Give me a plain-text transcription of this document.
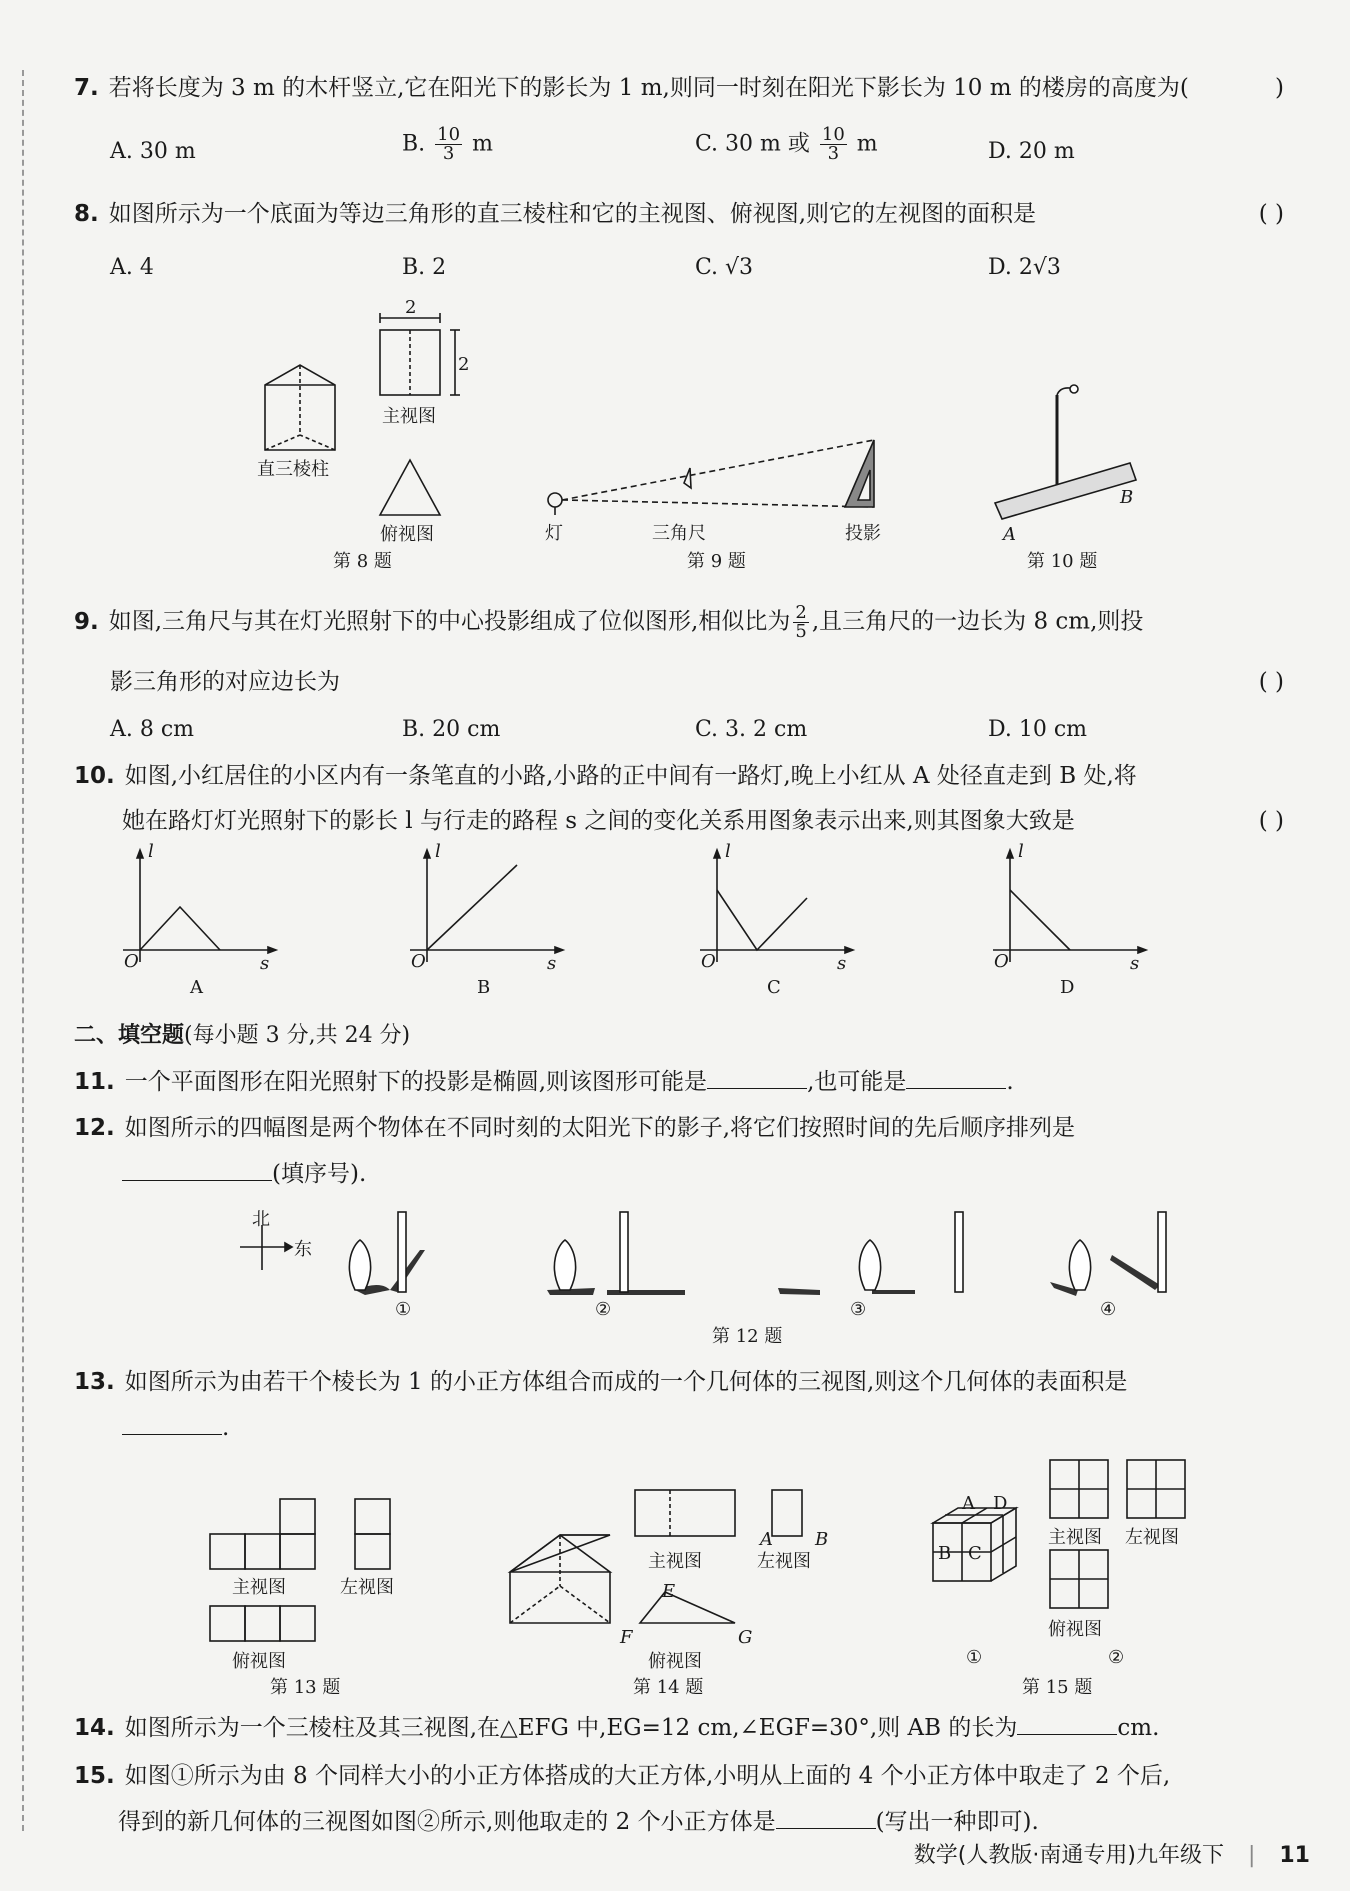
7. 若将长度为 3 m 的木杆竖立,它在阳光下的影长为 1 m,则同一时刻在阳光下影长为 10 m 的楼房的高度为(	)
A. 30 m	B. $\frac{10}{3}$ m	C. 30 m 或 $\frac{10}{3}$ m	D. 20 m
8. 如图所示为一个底面为等边三角形的直三棱柱和它的主视图、俯视图,则它的左视图的面积是	( )
A. 4	B. 2	C. √3	D. 2√3
2
2
直三棱柱
主视图
俯视图
第 8 题
灯	三角尺	投影
第 9 题
A
B
第 10 题
9. 如图,三角尺与其在灯光照射下的中心投影组成了位似图形,相似比为 $\frac{2}{5}$ ,且三角尺的一边长为 8 cm,则投
影三角形的对应边长为	( )
A. 8 cm	B. 20 cm	C. 3. 2 cm	D. 10 cm
10. 如图,小红居住的小区内有一条笔直的小路,小路的正中间有一路灯,晚上小红从 A 处径直走到 B 处,将
她在路灯灯光照射下的影长 l 与行走的路程 s 之间的变化关系用图象表示出来,则其图象大致是	( )
l
s
O
A
l
s
O
B
l
s
O
C
l
s
O
D
二、填空题(每小题 3 分,共 24 分)
11. 一个平面图形在阳光照射下的投影是椭圆,则该图形可能是	,也可能是	.
12. 如图所示的四幅图是两个物体在不同时刻的太阳光下的影子,将它们按照时间的先后顺序排列是
(填序号).
北
东
①	②	③	④
第 12 题
13. 如图所示为由若干个棱长为 1 的小正方体组合而成的一个几何体的三视图,则这个几何体的表面积是
.
主视图	左视图
俯视图
第 13 题
主视图	左视图
A B
E
F	G
俯视图
第 14 题
A D
B C
主视图 左视图
俯视图
①	②
第 15 题
14. 如图所示为一个三棱柱及其三视图,在△EFG 中,EG=12 cm,∠EGF=30°,则 AB 的长为	cm.
15. 如图①所示为由 8 个同样大小的小正方体搭成的大正方体,小明从上面的 4 个小正方体中取走了 2 个后,
得到的新几何体的三视图如图②所示,则他取走的 2 个小正方体是	(写出一种即可).
数学(人教版·南通专用)九年级下 | 11
